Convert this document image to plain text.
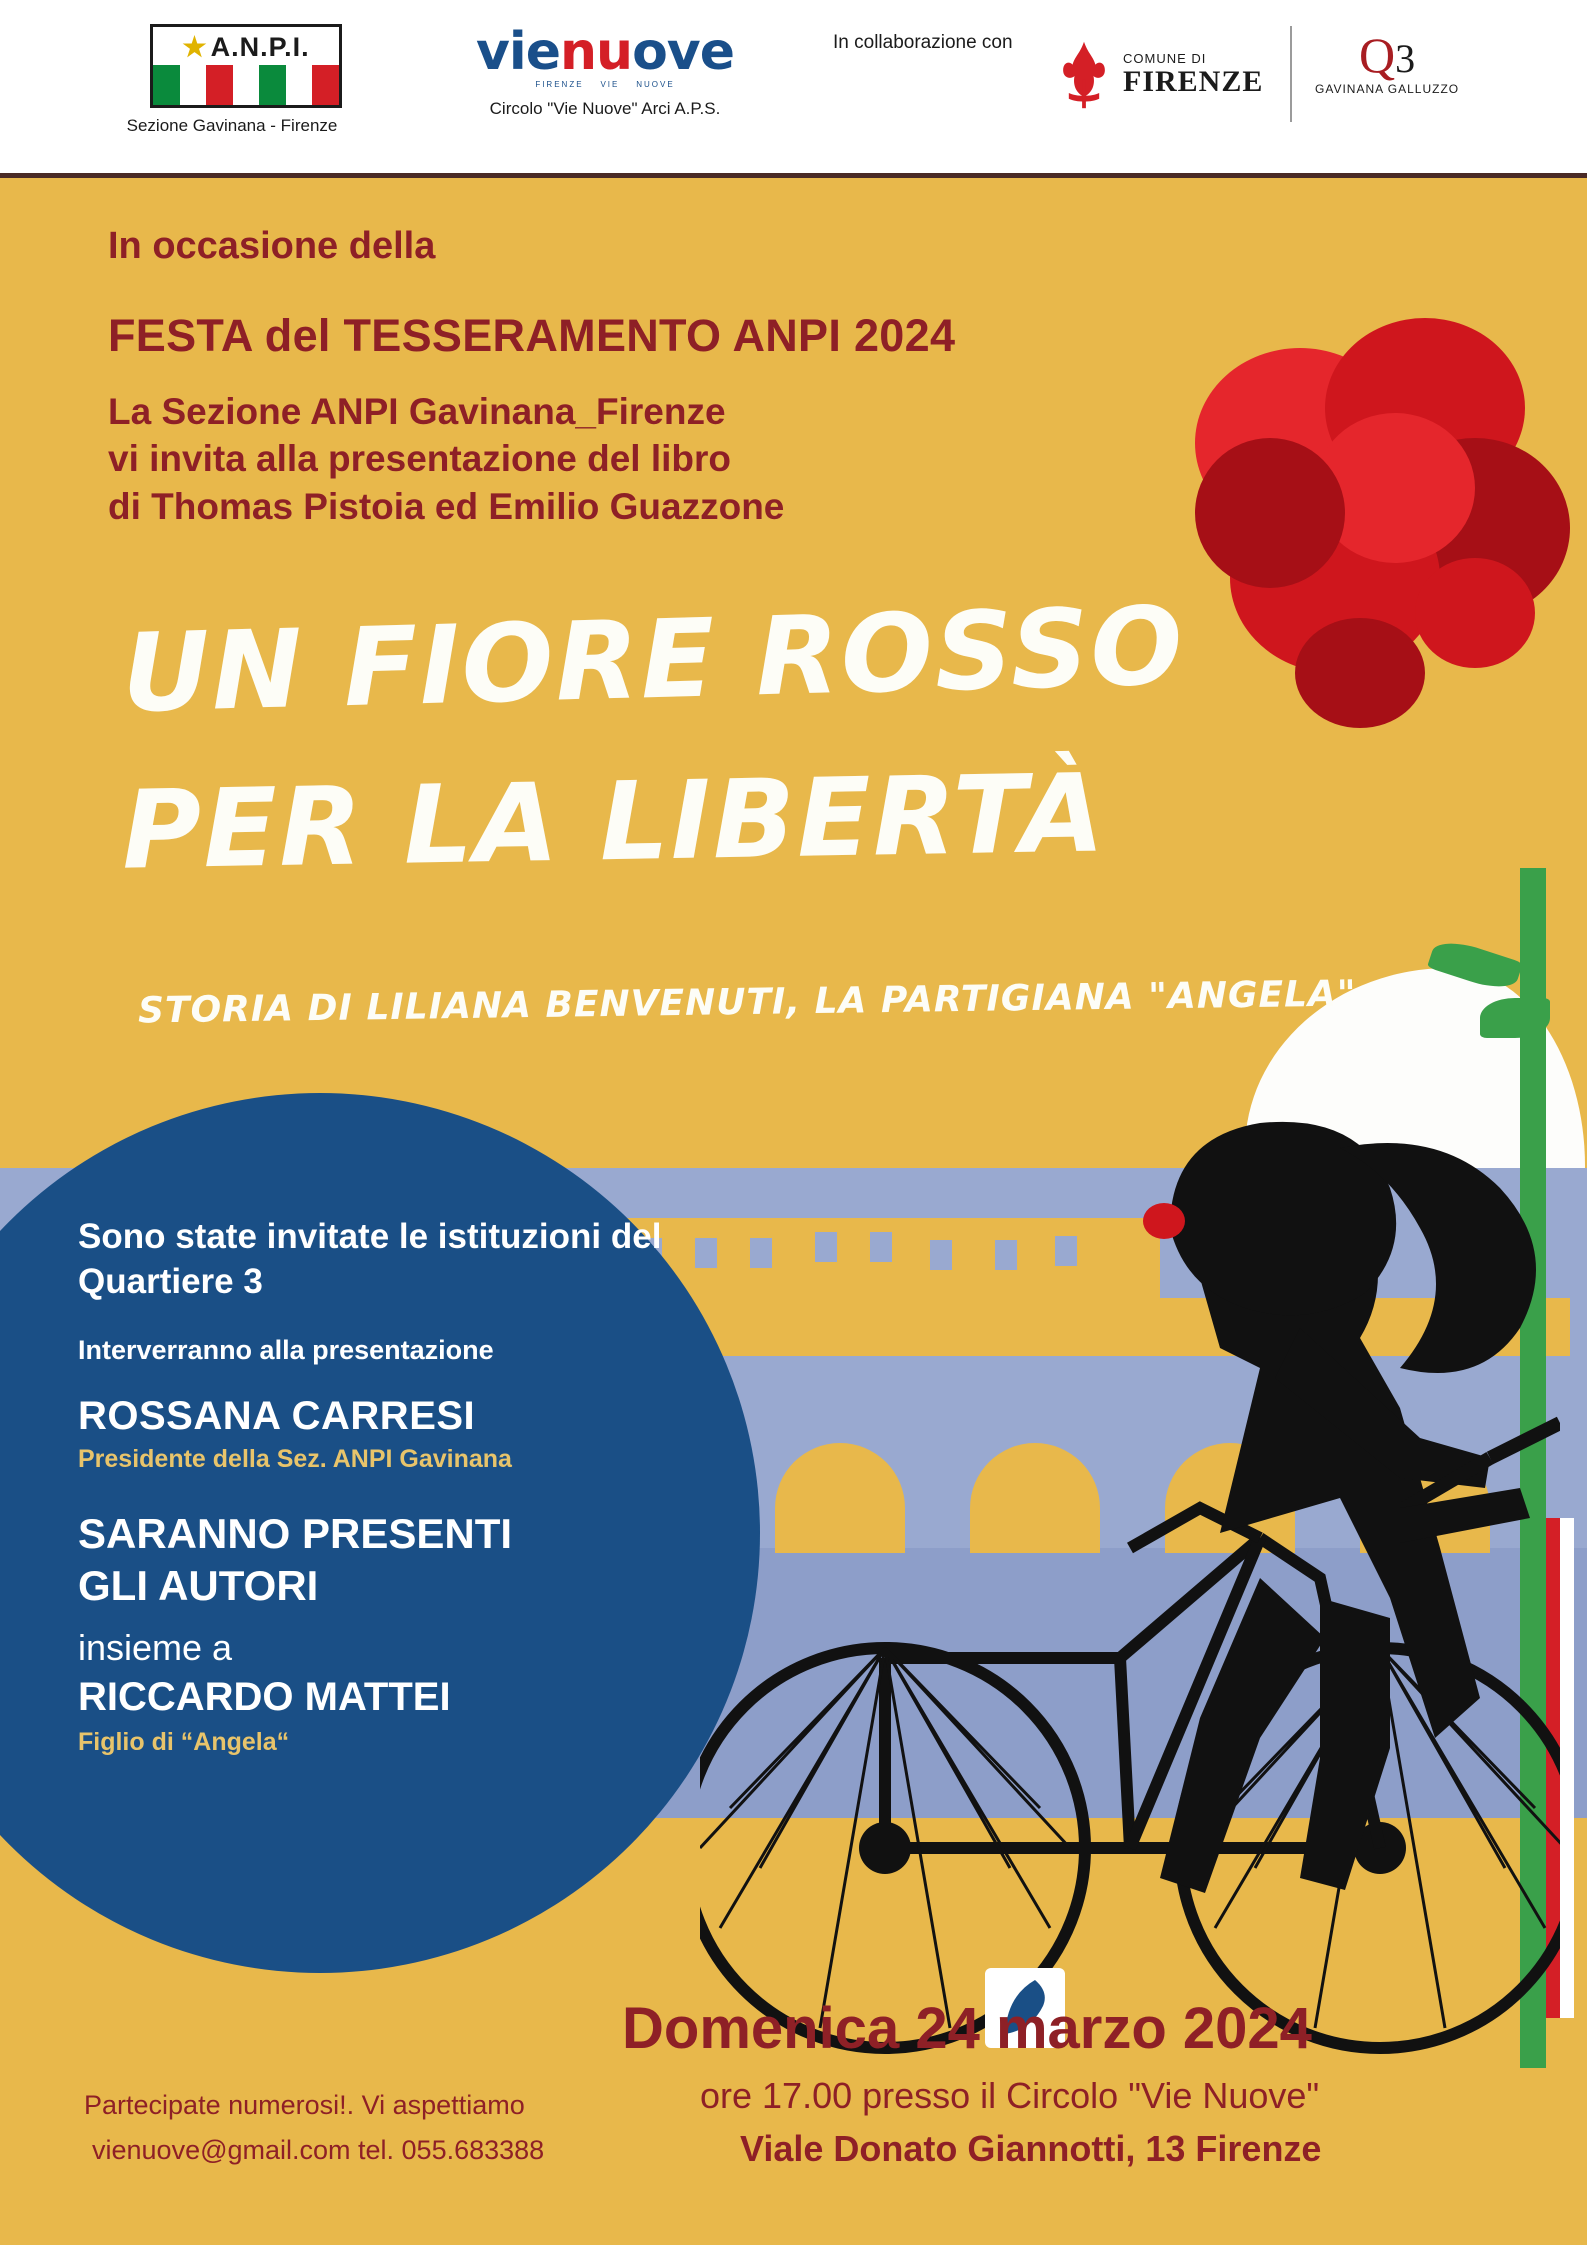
★ A.N.P.I.
Sezione Gavinana - Firenze
vienuove
FIRENZE VIE NUOVE
Circolo "Vie Nuove" Arci A.P.S.
In collaborazione con
COMUNE DI
FIRENZE	Q3
GAVINANA GALLUZZO
In occasione della
FESTA del TESSERAMENTO ANPI 2024
La Sezione ANPI Gavinana_Firenze
vi invita alla presentazione del libro
di Thomas Pistoia ed Emilio Guazzone
UN FIORE ROSSO
PER LA LIBERTÀ
STORIA DI LILIANA BENVENUTI, LA PARTIGIANA "ANGELA"
Sono state invitate le istituzioni del Quartiere 3
Interverranno alla presentazione
ROSSANA CARRESI
Presidente della Sez. ANPI Gavinana
SARANNO PRESENTI
GLI AUTORI
insieme a
RICCARDO MATTEI
Figlio di “Angela“
Domenica 24 marzo 2024
ore 17.00 presso il Circolo "Vie Nuove"
Viale Donato Giannotti, 13 Firenze
Partecipate numerosi!. Vi aspettiamo
vienuove@gmail.com tel. 055.683388
